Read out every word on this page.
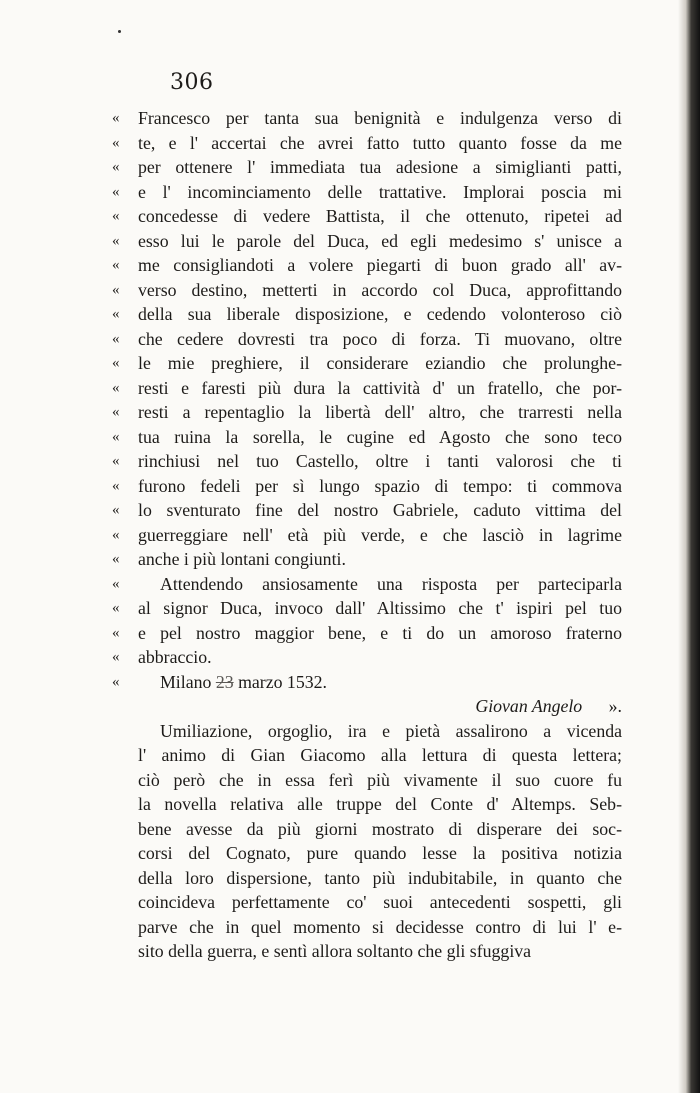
306
«	Francesco per tanta sua benignità e indulgenza verso di
«	te, e l' accertai che avrei fatto tutto quanto fosse da me
«	per ottenere l' immediata tua adesione a simiglianti patti,
«	e l' incominciamento delle trattative. Implorai poscia mi
«	concedesse di vedere Battista, il che ottenuto, ripetei ad
«	esso lui le parole del Duca, ed egli medesimo s' unisce a
«	me consigliandoti a volere piegarti di buon grado all' av-
«	verso destino, metterti in accordo col Duca, approfittando
«	della sua liberale disposizione, e cedendo volonteroso ciò
«	che cedere dovresti tra poco di forza. Ti muovano, oltre
«	le mie preghiere, il considerare eziandio che prolunghe-
«	resti e faresti più dura la cattività d' un fratello, che por-
«	resti a repentaglio la libertà dell' altro, che trarresti nella
«	tua ruina la sorella, le cugine ed Agosto che sono teco
«	rinchiusi nel tuo Castello, oltre i tanti valorosi che ti
«	furono fedeli per sì lungo spazio di tempo: ti commova
«	lo sventurato fine del nostro Gabriele, caduto vittima del
«	guerreggiare nell' età più verde, e che lasciò in lagrime
«	anche i più lontani congiunti.
«	Attendendo ansiosamente una risposta per parteciparla
«	al signor Duca, invoco dall' Altissimo che t' ispiri pel tuo
«	e pel nostro maggior bene, e ti do un amoroso fraterno
«	abbraccio.
«	Milano 23 marzo 1532.
Giovan Angelo ».
Umiliazione, orgoglio, ira e pietà assalirono a vicenda
l' animo di Gian Giacomo alla lettura di questa lettera;
ciò però che in essa ferì più vivamente il suo cuore fu
la novella relativa alle truppe del Conte d' Altemps. Seb-
bene avesse da più giorni mostrato di disperare dei soc-
corsi del Cognato, pure quando lesse la positiva notizia
della loro dispersione, tanto più indubitabile, in quanto che
coincideva perfettamente co' suoi antecedenti sospetti, gli
parve che in quel momento si decidesse contro di lui l' e-
sito della guerra, e sentì allora soltanto che gli sfuggiva
